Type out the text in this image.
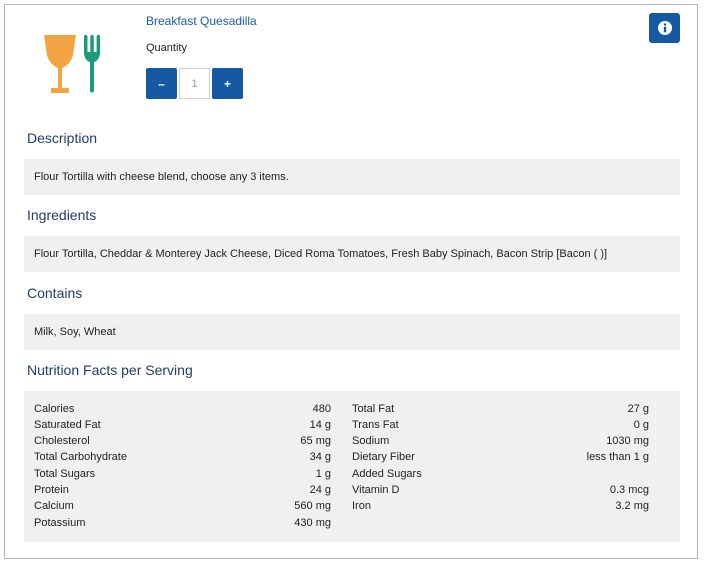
Breakfast Quesadilla
Quantity
–	1	+
Description
Flour Tortilla with cheese blend, choose any 3 items.
Ingredients
Flour Tortilla, Cheddar & Monterey Jack Cheese, Diced Roma Tomatoes, Fresh Baby Spinach, Bacon Strip [Bacon ( )]
Contains
Milk, Soy, Wheat
Nutrition Facts per Serving
Calories	480
Saturated Fat	14 g
Cholesterol	65 mg
Total Carbohydrate	34 g
Total Sugars	1 g
Protein	24 g
Calcium	560 mg
Potassium	430 mg
Total Fat	27 g
Trans Fat	0 g
Sodium	1030 mg
Dietary Fiber	less than 1 g
Added Sugars
Vitamin D	0.3 mcg
Iron	3.2 mg
